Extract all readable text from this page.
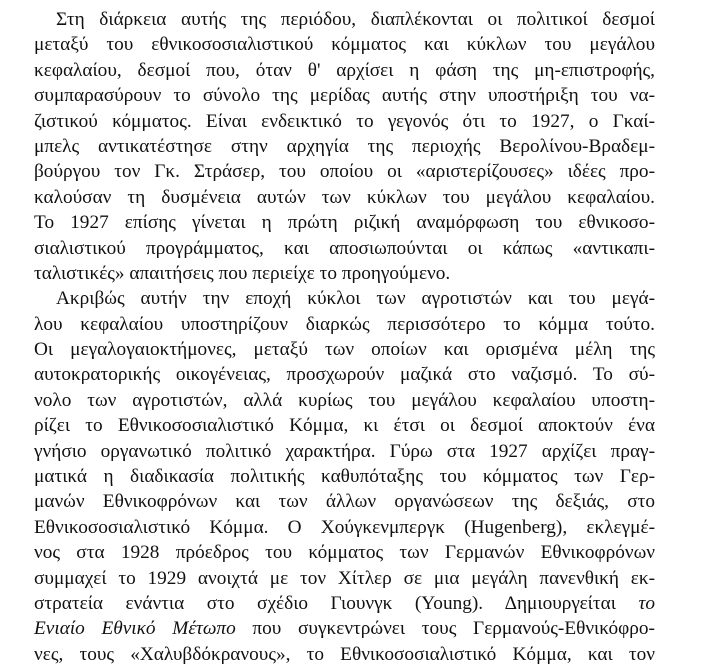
Στη διάρκεια αυτής της περιόδου, διαπλέκονται οι πολιτικοί δεσμοί
μεταξύ του εθνικοσοσιαλιστικού κόμματος και κύκλων του μεγάλου
κεφαλαίου, δεσμοί που, όταν θ' αρχίσει η φάση της μη-επιστροφής,
συμπαρασύρουν το σύνολο της μερίδας αυτής στην υποστήριξη του να-
ζιστικού κόμματος. Είναι ενδεικτικό το γεγονός ότι το 1927, ο Γκαί-
μπελς αντικατέστησε στην αρχηγία της περιοχής Βερολίνου-Βραδεμ-
βούργου τον Γκ. Στράσερ, του οποίου οι «αριστερίζουσες» ιδέες προ-
καλούσαν τη δυσμένεια αυτών των κύκλων του μεγάλου κεφαλαίου.
Το 1927 επίσης γίνεται η πρώτη ριζική αναμόρφωση του εθνικοσο-
σιαλιστικού προγράμματος, και αποσιωπούνται οι κάπως «αντικαπι-
ταλιστικές» απαιτήσεις που περιείχε το προηγούμενο.
Ακριβώς αυτήν την εποχή κύκλοι των αγροτιστών και του μεγά-
λου κεφαλαίου υποστηρίζουν διαρκώς περισσότερο το κόμμα τούτο.
Οι μεγαλογαιοκτήμονες, μεταξύ των οποίων και ορισμένα μέλη της
αυτοκρατορικής οικογένειας, προσχωρούν μαζικά στο ναζισμό. Το σύ-
νολο των αγροτιστών, αλλά κυρίως του μεγάλου κεφαλαίου υποστη-
ρίζει το Εθνικοσοσιαλιστικό Κόμμα, κι έτσι οι δεσμοί αποκτούν ένα
γνήσιο οργανωτικό πολιτικό χαρακτήρα. Γύρω στα 1927 αρχίζει πραγ-
ματικά η διαδικασία πολιτικής καθυπόταξης του κόμματος των Γερ-
μανών Εθνικοφρόνων και των άλλων οργανώσεων της δεξιάς, στο
Εθνικοσοσιαλιστικό Κόμμα. Ο Χούγκενμπεργκ (Hugenberg), εκλεγμέ-
νος στα 1928 πρόεδρος του κόμματος των Γερμανών Εθνικοφρόνων
συμμαχεί το 1929 ανοιχτά με τον Χίτλερ σε μια μεγάλη πανενθική εκ-
στρατεία ενάντια στο σχέδιο Γιουνγκ (Young). Δημιουργείται το
Ενιαίο Εθνικό Μέτωπο που συγκεντρώνει τους Γερμανούς-Εθνικόφρο-
νες, τους «Χαλυβδόκρανους», το Εθνικοσοσιαλιστικό Κόμμα, και τον
